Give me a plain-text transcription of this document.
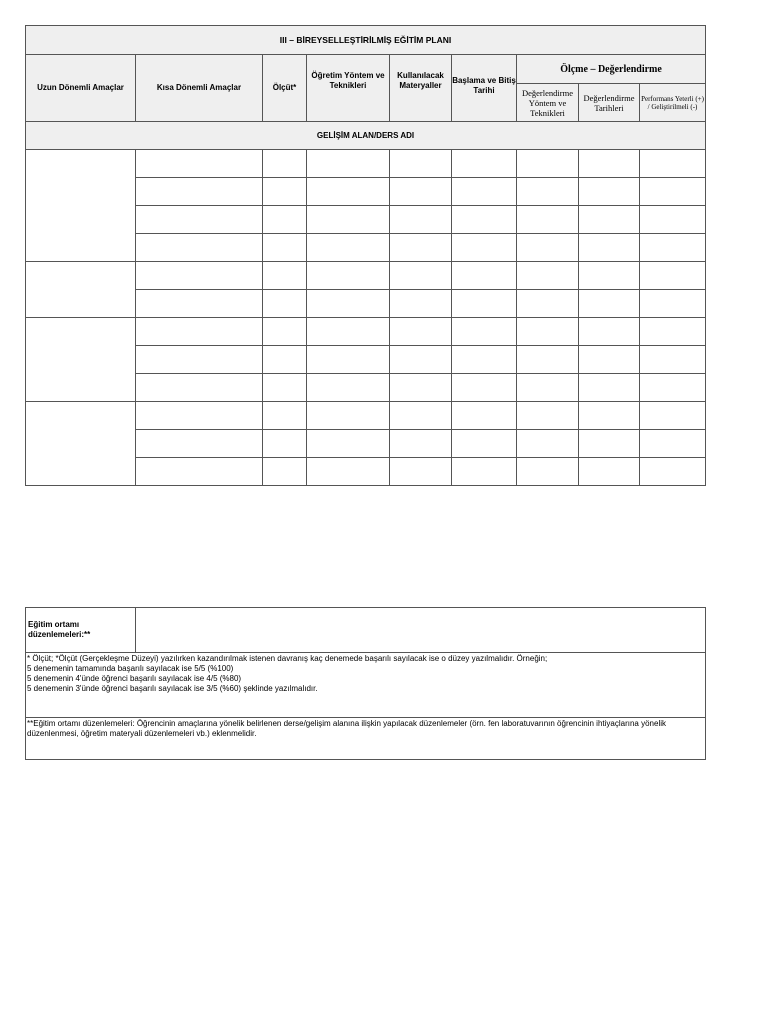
III – BİREYSELLEŞTİRİLMİŞ EĞİTİM PLANI								
Uzun Dönemli Amaçlar	Kısa Dönemli Amaçlar	Ölçüt*	Öğretim Yöntem ve Teknikleri	Kullanılacak Materyaller	Başlama ve Bitiş Tarihi	Ölçme – Değerlendirme		
						Değerlendirme Yöntem ve Teknikleri	Değerlendirme Tarihleri	Performans Yeterli (+) / Geliştirilmeli (-)
GELİŞİM ALAN/DERS ADI								

Eğitim ortamı düzenlemeleri:**	

* Ölçüt; *Ölçüt (Gerçekleşme Düzeyi) yazılırken kazandırılmak istenen davranış kaç denemede başarılı sayılacak ise o düzey yazılmalıdır. Örneğin;
5 denemenin tamamında başarılı sayılacak ise 5/5 (%100)
5 denemenin 4'ünde öğrenci başarılı sayılacak ise 4/5 (%80)
5 denemenin 3'ünde öğrenci başarılı sayılacak ise 3/5 (%60) şeklinde yazılmalıdır.

**Eğitim ortamı düzenlemeleri: Öğrencinin amaçlarına yönelik belirlenen derse/gelişim alanına ilişkin yapılacak düzenlemeler (örn. fen laboratuvarının öğrencinin ihtiyaçlarına yönelik düzenlenmesi, öğretim materyali düzenlemeleri vb.) eklenmelidir.
